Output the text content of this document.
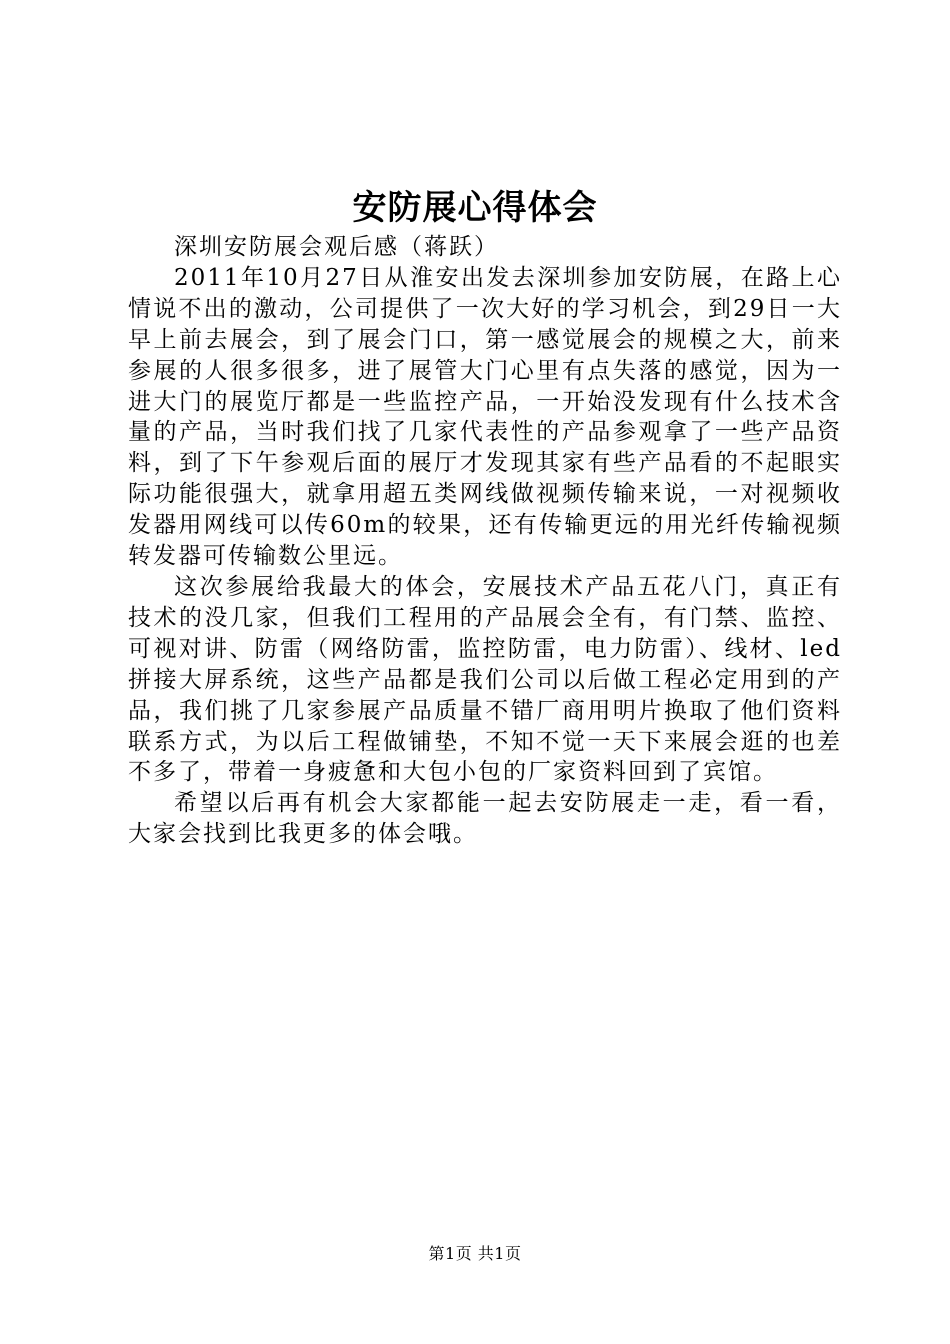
安防展心得体会

深圳安防展会观后感（蒋跃）

2011年10月27日从淮安出发去深圳参加安防展，在路上心情说不出的激动，公司提供了一次大好的学习机会，到29日一大早上前去展会，到了展会门口，第一感觉展会的规模之大，前来参展的人很多很多，进了展管大门心里有点失落的感觉，因为一进大门的展览厅都是一些监控产品，一开始没发现有什么技术含量的产品，当时我们找了几家代表性的产品参观拿了一些产品资料，到了下午参观后面的展厅才发现其家有些产品看的不起眼实际功能很强大，就拿用超五类网线做视频传输来说，一对视频收发器用网线可以传60m的较果，还有传输更远的用光纤传输视频转发器可传输数公里远。

这次参展给我最大的体会，安展技术产品五花八门，真正有技术的没几家，但我们工程用的产品展会全有，有门禁、监控、可视对讲、防雷（网络防雷，监控防雷，电力防雷）、线材、led拼接大屏系统，这些产品都是我们公司以后做工程必定用到的产品，我们挑了几家参展产品质量不错厂商用明片换取了他们资料联系方式，为以后工程做铺垫，不知不觉一天下来展会逛的也差不多了，带着一身疲惫和大包小包的厂家资料回到了宾馆。

希望以后再有机会大家都能一起去安防展走一走，看一看，大家会找到比我更多的体会哦。

第1页 共1页
